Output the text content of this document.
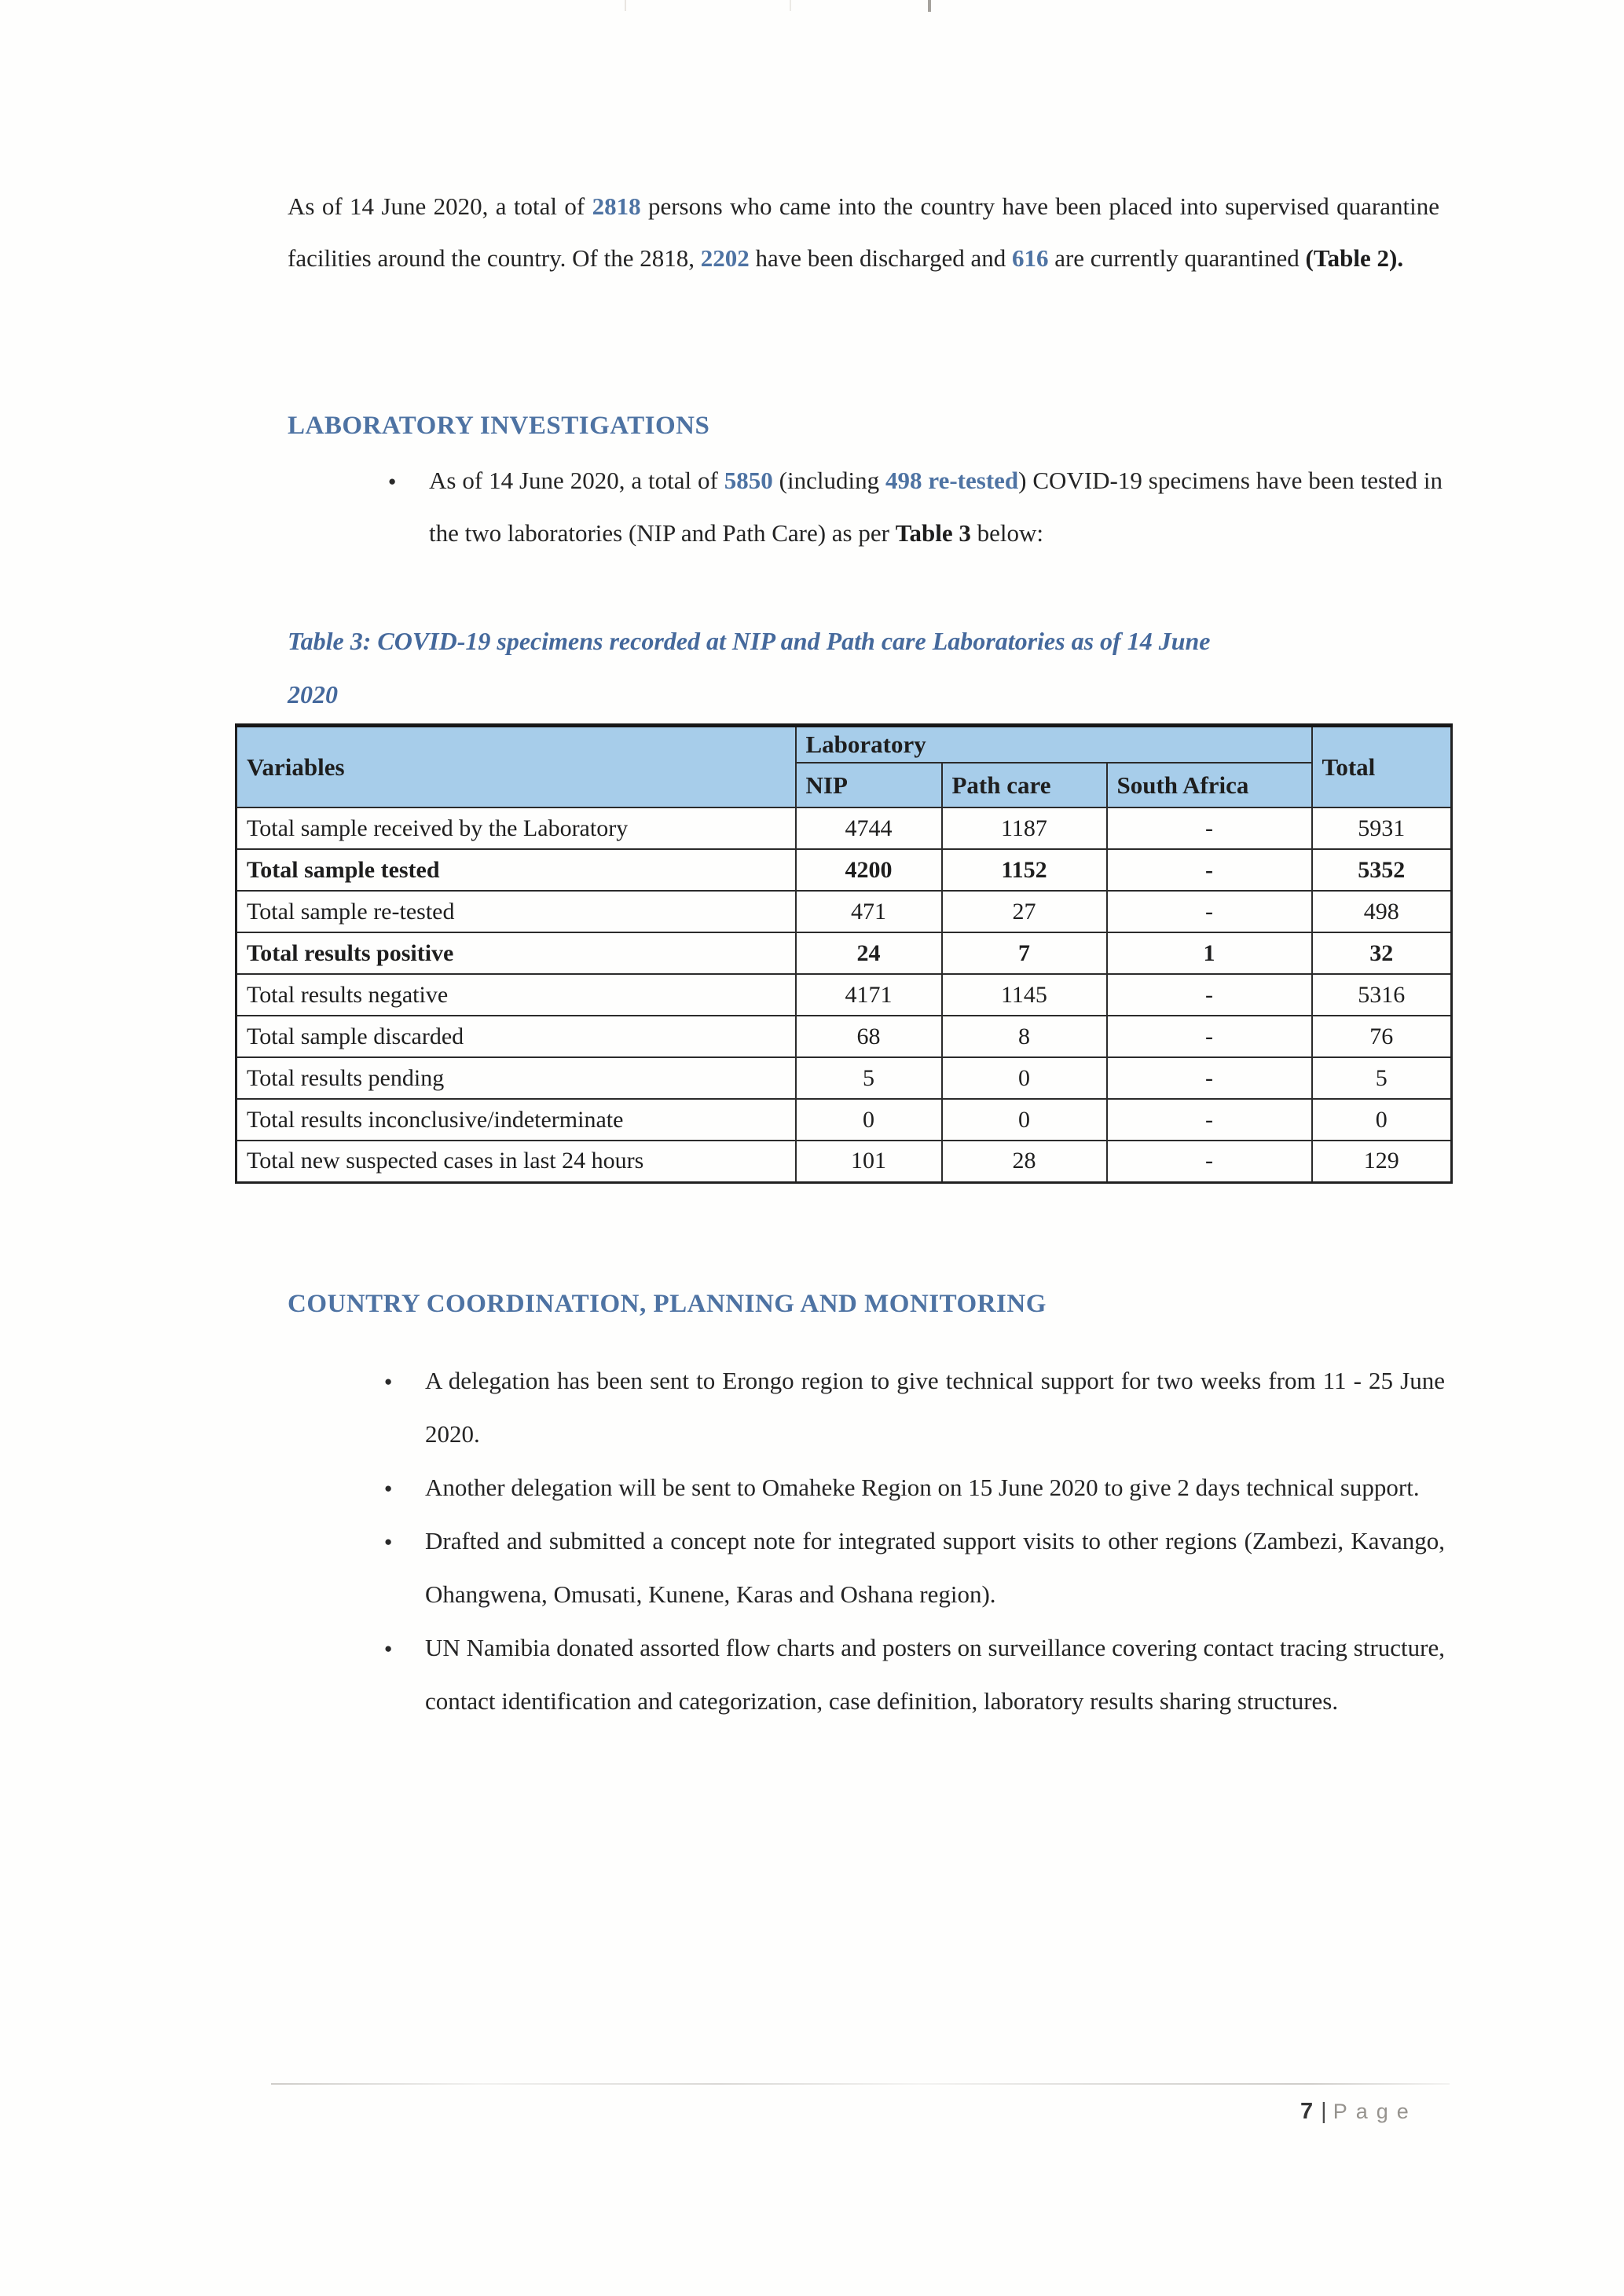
As of 14 June 2020, a total of 2818 persons who came into the country have been placed into supervised quarantine facilities around the country. Of the 2818, 2202 have been discharged and 616 are currently quarantined (Table 2).

LABORATORY INVESTIGATIONS
● As of 14 June 2020, a total of 5850 (including 498 re-tested) COVID-19 specimens have been tested in the two laboratories (NIP and Path Care) as per Table 3 below:
Table 3: COVID-19 specimens recorded at NIP and Path care Laboratories as of 14 June
2020
Variables	Laboratory			Total
	NIP	Path care	South Africa	
Total sample received by the Laboratory	4744	1187	-	5931
Total sample tested	4200	1152	-	5352
Total sample re-tested	471	27	-	498
Total results positive	24	7	1	32
Total results negative	4171	1145	-	5316
Total sample discarded	68	8	-	76
Total results pending	5	0	-	5
Total results inconclusive/indeterminate	0	0	-	0
Total new suspected cases in last 24 hours	101	28	-	129
COUNTRY COORDINATION, PLANNING AND MONITORING
● A delegation has been sent to Erongo region to give technical support for two weeks from 11 - 25 June 2020.
● Another delegation will be sent to Omaheke Region on 15 June 2020 to give 2 days technical support.
● Drafted and submitted a concept note for integrated support visits to other regions (Zambezi, Kavango, Ohangwena, Omusati, Kunene, Karas and Oshana region).
● UN Namibia donated assorted flow charts and posters on surveillance covering contact tracing structure, contact identification and categorization, case definition, laboratory results sharing structures.
7 | Page
